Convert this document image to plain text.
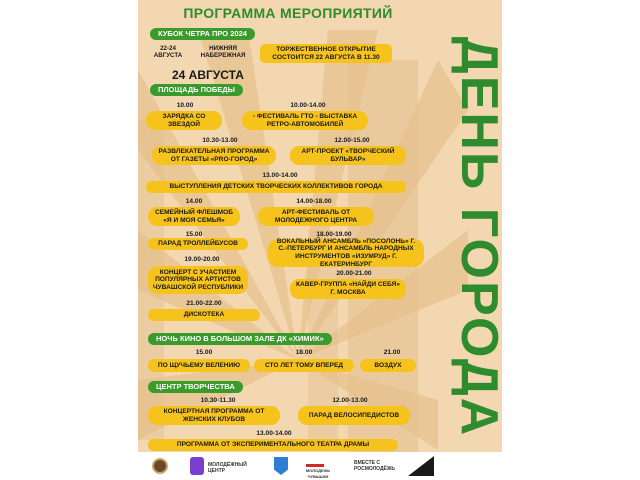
ПРОГРАММА МЕРОПРИЯТИЙ
ДЕНЬ ГОРОДА
КУБОК ЧЕТРА ПРО 2024
22-24 АВГУСТА
НИЖНЯЯ НАБЕРЕЖНАЯ
ТОРЖЕСТВЕННОЕ ОТКРЫТИЕ СОСТОИТСЯ 22 АВГУСТА В 11.30
24 АВГУСТА
ПЛОЩАДЬ ПОБЕДЫ
10.00	10.00-14.00
ЗАРЯДКА СО ЗВЕЗДОЙ
- ФЕСТИВАЛЬ ГТО - ВЫСТАВКА РЕТРО-АВТОМОБИЛЕЙ
10.30-13.00	12.00-15.00
РАЗВЛЕКАТЕЛЬНАЯ ПРОГРАММА ОТ ГАЗЕТЫ «PRO-ГОРОД»
АРТ-ПРОЕКТ «ТВОРЧЕСКИЙ БУЛЬВАР»
13.00-14.00
ВЫСТУПЛЕНИЯ ДЕТСКИХ ТВОРЧЕСКИХ КОЛЛЕКТИВОВ ГОРОДА
14.00	14.00-18.00
СЕМЕЙНЫЙ ФЛЕШМОБ «Я И МОЯ СЕМЬЯ»
АРТ-ФЕСТИВАЛЬ ОТ МОЛОДЕЖНОГО ЦЕНТРА
15.00	18.00-19.00
ПАРАД ТРОЛЛЕЙБУСОВ	ВОКАЛЬНЫЙ АНСАМБЛЬ «ПОСОЛОНЬ» Г. С.-ПЕТЕРБУРГ И АНСАМБЛЬ НАРОДНЫХ ИНСТРУМЕНТОВ «ИЗУМРУД» Г. ЕКАТЕРИНБУРГ
19.00-20.00
КОНЦЕРТ С УЧАСТИЕМ ПОПУЛЯРНЫХ АРТИСТОВ ЧУВАШСКОЙ РЕСПУБЛИКИ
20.00-21.00
КАВЕР-ГРУППА «НАЙДИ СЕБЯ» Г. МОСКВА
21.00-22.00
ДИСКОТЕКА
НОЧЬ КИНО В БОЛЬШОМ ЗАЛЕ ДК «ХИМИК»
15.00	18.00	21.00
ПО ЩУЧЬЕМУ ВЕЛЕНИЮ	СТО ЛЕТ ТОМУ ВПЕРЕД	ВОЗДУХ
ЦЕНТР ТВОРЧЕСТВА
10.30-11.30	12.00-13.00
КОНЦЕРТНАЯ ПРОГРАММА ОТ ЖЕНСКИХ КЛУБОВ
ПАРАД ВЕЛОСИПЕДИСТОВ
13.00-14.00
ПРОГРАММА ОТ ЭКСПЕРИМЕНТАЛЬНОГО ТЕАТРА ДРАМЫ
МОЛОДЁЖНЫЙ ЦЕНТР	МОЛОДЕЖЬ ЧУВАШИИ
ВМЕСТЕ С РОСМОЛОДЁЖЬ
